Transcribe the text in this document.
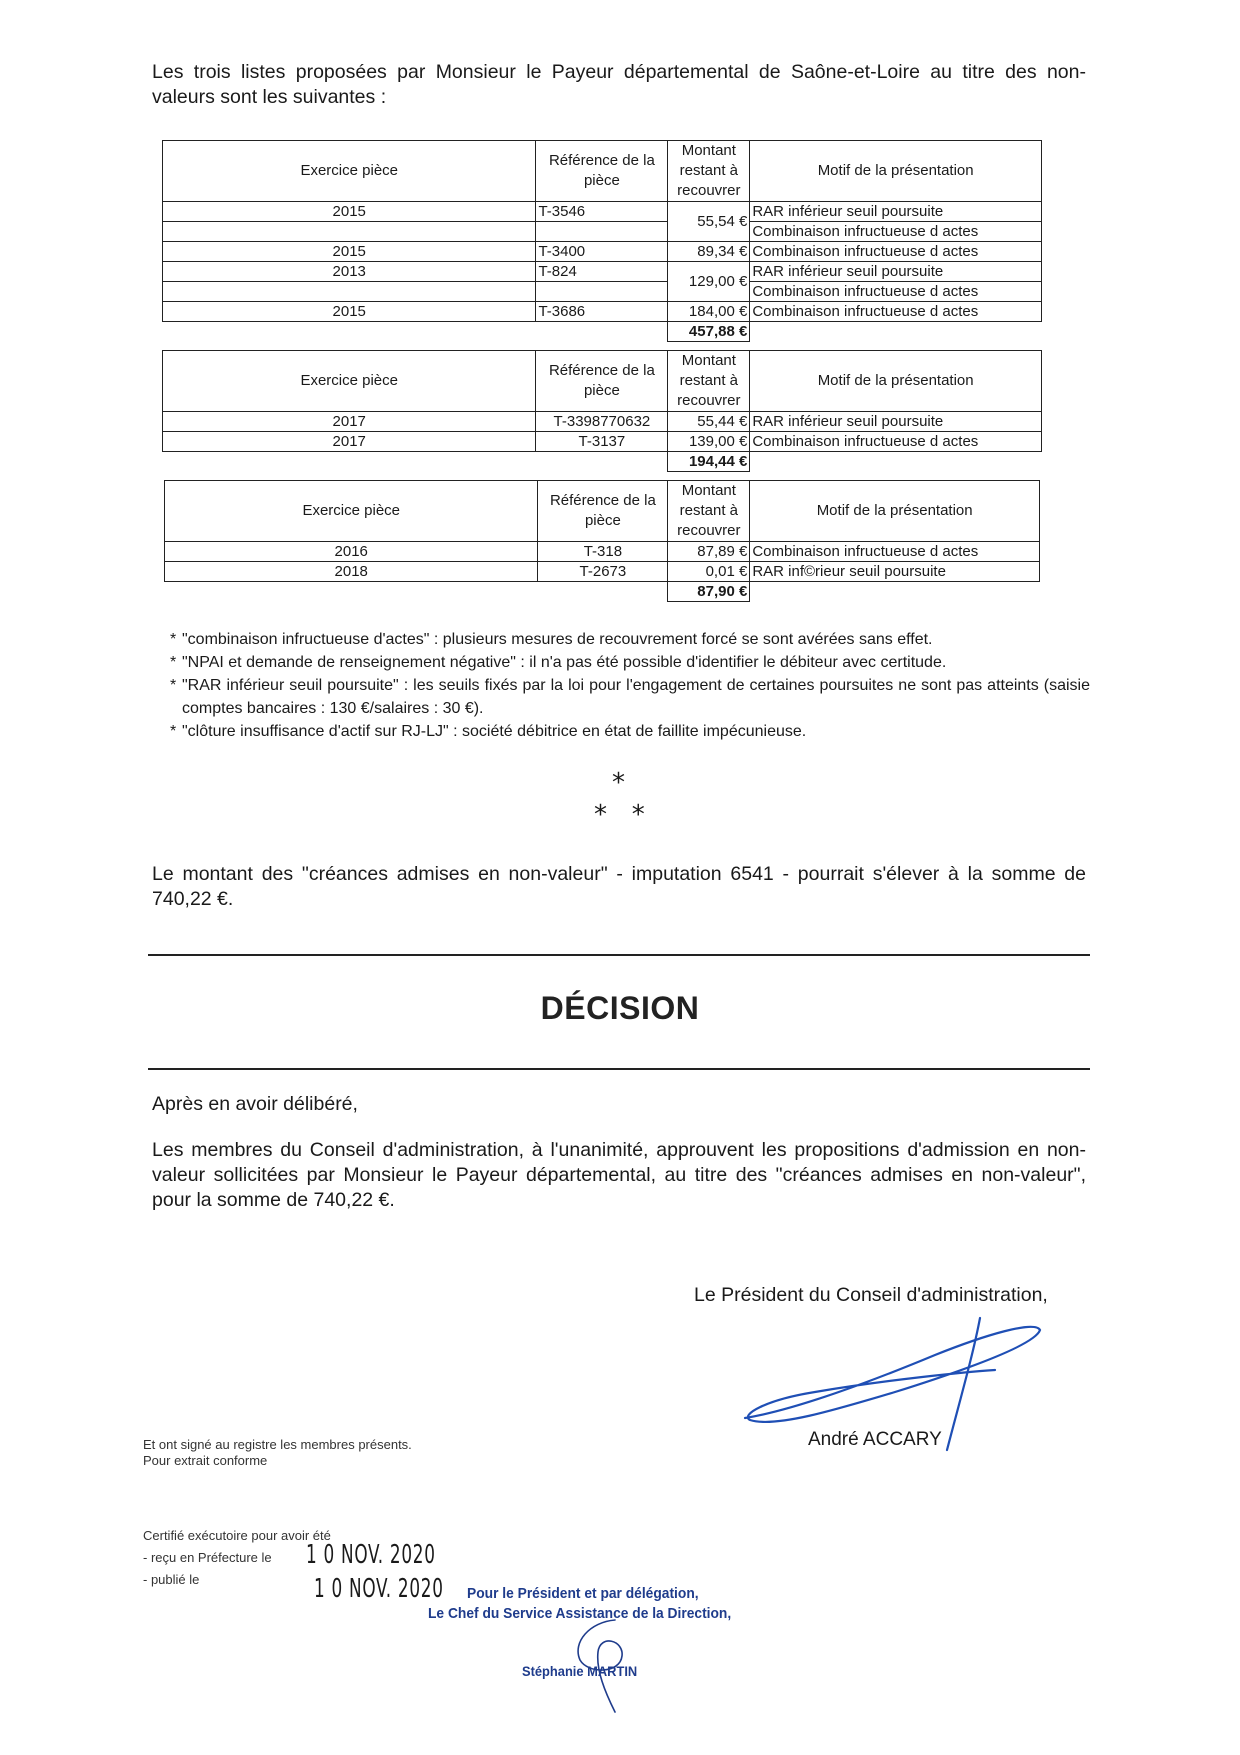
Les trois listes proposées par Monsieur le Payeur départemental de Saône-et-Loire au titre des non-
valeurs sont les suivantes :
Exercice pièce	Référence de la pièce	Montant restant à recouvrer	Motif de la présentation
2015	T-3546	55,54 €	RAR inférieur seuil poursuite
			Combinaison infructueuse d actes
2015	T-3400	89,34 €	Combinaison infructueuse d actes
2013	T-824	129,00 €	RAR inférieur seuil poursuite
			Combinaison infructueuse d actes
2015	T-3686	184,00 €	Combinaison infructueuse d actes
		457,88 €	
Exercice pièce	Référence de la pièce	Montant restant à recouvrer	Motif de la présentation
2017	T-3398770632	55,44 €	RAR inférieur seuil poursuite
2017	T-3137	139,00 €	Combinaison infructueuse d actes
		194,44 €	
Exercice pièce	Référence de la pièce	Montant restant à recouvrer	Motif de la présentation
2016	T-318	87,89 €	Combinaison infructueuse d actes
2018	T-2673	0,01 €	RAR inf©rieur seuil poursuite
		87,90 €	
* "combinaison infructueuse d'actes" : plusieurs mesures de recouvrement forcé se sont avérées sans effet.
* "NPAI et demande de renseignement négative" : il n'a pas été possible d'identifier le débiteur avec certitude.
* "RAR inférieur seuil poursuite" : les seuils fixés par la loi pour l'engagement de certaines poursuites ne sont pas atteints (saisie comptes bancaires : 130 €/salaires : 30 €).
* "clôture insuffisance d'actif sur RJ-LJ" : société débitrice en état de faillite impécunieuse.
*
*   *
Le montant des "créances admises en non-valeur" - imputation 6541 - pourrait s'élever à la somme de 740,22 €.
DÉCISION
Après en avoir délibéré,
Les membres du Conseil d'administration, à l'unanimité, approuvent les propositions d'admission en non-valeur sollicitées par Monsieur le Payeur départemental, au titre des "créances admises en non-valeur", pour la somme de 740,22 €.
Le Président du Conseil d'administration,
André ACCARY
Et ont signé au registre les membres présents.
Pour extrait conforme
Certifié exécutoire pour avoir été
- reçu en Préfecture le 1 0 NOV. 2020
- publié le	1 0 NOV. 2020 Pour le Président et par délégation,
Le Chef du Service Assistance de la Direction,
Stéphanie MARTIN
